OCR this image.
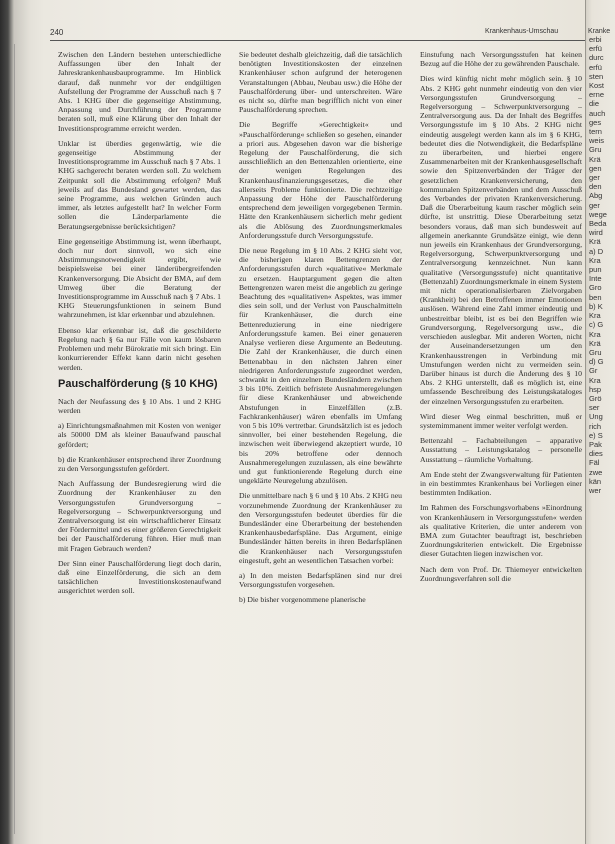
240	Krankenhaus-Umschau

Zwischen den Ländern bestehen unterschiedliche Auffassungen über den Inhalt der Jahreskrankenhausbauprogramme. Im Hinblick darauf, daß nunmehr vor der endgültigen Aufstellung der Programme der Ausschuß nach § 7 Abs. 1 KHG über die gegenseitige Abstimmung, Anpassung und Durchführung der Programme beraten soll, muß eine Klärung über den Inhalt der Investitionsprogramme erreicht werden.

Unklar ist überdies gegenwärtig, wie die gegenseitige Abstimmung der Investitionsprogramme im Ausschuß nach § 7 Abs. 1 KHG sachgerecht beraten werden soll. Zu welchem Zeitpunkt soll die Abstimmung erfolgen? Muß jeweils auf das Bundesland gewartet werden, das seine Programme, aus welchen Gründen auch immer, als letztes aufgestellt hat? In welcher Form sollen die Länderparlamente die Beratungsergebnisse berücksichtigen?

Eine gegenseitige Abstimmung ist, wenn überhaupt, doch nur dort sinnvoll, wo sich eine Abstimmungsnotwendigkeit ergibt, wie beispielsweise bei einer länderübergreifenden Krankenversorgung. Die Absicht der BMA, auf dem Umweg über die Beratung der Investitionsprogramme im Ausschuß nach § 7 Abs. 1 KHG Steuerungsfunktionen in seinem Bund wahrzunehmen, ist klar erkennbar und abzulehnen.

Ebenso klar erkennbar ist, daß die geschilderte Regelung nach § 6a nur Fälle von kaum lösbaren Problemen und mehr Bürokratie mit sich bringt. Ein konkurrierender Effekt kann darin nicht gesehen werden.

Pauschalförderung (§ 10 KHG)

Nach der Neufassung des § 10 Abs. 1 und 2 KHG werden

a) Einrichtungsmaßnahmen mit Kosten von weniger als 50000 DM als kleiner Bauaufwand pauschal gefördert;

b) die Krankenhäuser entsprechend ihrer Zuordnung zu den Versorgungsstufen gefördert.

Nach Auffassung der Bundesregierung wird die Zuordnung der Krankenhäuser zu den Versorgungsstufen Grundversorgung – Regelversorgung – Schwerpunktversorgung und Zentralversorgung ist ein wirtschaftlicherer Einsatz der Fördermittel und es einer größeren Gerechtigkeit bei der Pauschalförderung führen. Hier muß man mit Fragen Gebrauch werden?

Der Sinn einer Pauschalförderung liegt doch darin, daß eine Einzelförderung, die sich an dem tatsächlichen Investitionskostenaufwand ausgerichtet werden soll.

Sie bedeutet deshalb gleichzeitig, daß die tatsächlich benötigten Investitionskosten der einzelnen Krankenhäuser schon aufgrund der heterogenen Veranstaltungen (Abbau, Neubau usw.) die Höhe der Pauschalförderung über- und unterschreiten. Wäre es nicht so, dürfte man begrifflich nicht von einer Pauschalförderung sprechen.

Die Begriffe »Gerechtigkeit« und »Pauschalförderung« schließen so gesehen, einander a priori aus. Abgesehen davon war die bisherige Regelung der Pauschalförderung, die sich ausschließlich an den Bettenzahlen orientierte, eine der wenigen Regelungen des Krankenhausfinanzierungsgesetzes, die eher allerseits Probleme funktionierte. Die rechtzeitige Anpassung der Höhe der Pauschalförderung entsprechend dem jeweiligen vorgegebenen Termin. Hätte den Krankenhäusern sicherlich mehr gedient als die Ablösung des Zuordnungsmerkmales Anforderungsstufe durch Versorgungsstufe.

Die neue Regelung im § 10 Abs. 2 KHG sieht vor, die bisherigen klaren Bettengrenzen der Anforderungsstufen durch »qualitative« Merkmale zu ersetzen. Hauptargument gegen die alten Bettengrenzen waren meist die angeblich zu geringe Beachtung des »qualitativen« Aspektes, was immer dies sein soll, und der Verlust von Pauschalmitteln für Krankenhäuser, die durch eine Bettenreduzierung in eine niedrigere Anforderungsstufe kamen. Bei einer genaueren Analyse verlieren diese Argumente an Bedeutung. Die Zahl der Krankenhäuser, die durch einen Bettenabbau in den nächsten Jahren einer niedrigeren Anforderungsstufe zugeordnet werden, schwankt in den einzelnen Bundesländern zwischen 3 bis 10%. Zeitlich befristete Ausnahmeregelungen für diese Krankenhäuser und abweichende Abstufungen in Einzelfällen (z.B. Fachkrankenhäuser) wären ebenfalls im Umfang von 5 bis 10% vertretbar. Grundsätzlich ist es jedoch sinnvoller, bei einer bestehenden Regelung, die inzwischen weit überwiegend akzeptiert wurde, 10 bis 20% betroffene oder dennoch Ausnahmeregelungen zuzulassen, als eine bewährte und gut funktionierende Regelung durch eine ungeklärte Neuregelung abzulösen.

Die unmittelbare nach § 6 und § 10 Abs. 2 KHG neu vorzunehmende Zuordnung der Krankenhäuser zu den Versorgungsstufen bedeutet überdies für die Bundesländer eine Überarbeitung der bestehenden Krankenhausbedarfspläne. Das Argument, einige Bundesländer hätten bereits in ihren Bedarfsplänen die Krankenhäuser nach Versorgungsstufen eingestuft, geht an wesentlichen Tatsachen vorbei:

a) In den meisten Bedarfsplänen sind nur drei Versorgungsstufen vorgesehen.

b) Die bisher vorgenommene planerische

Einstufung nach Versorgungsstufen hat keinen Bezug auf die Höhe der zu gewährenden Pauschale.

Dies wird künftig nicht mehr möglich sein. § 10 Abs. 2 KHG geht nunmehr eindeutig von den vier Versorgungsstufen Grundversorgung – Regelversorgung – Schwerpunktversorgung – Zentralversorgung aus. Da der Inhalt des Begriffes Versorgungsstufe im § 10 Abs. 2 KHG nicht eindeutig ausgelegt werden kann als im § 6 KHG, bedeutet dies die Notwendigkeit, die Bedarfspläne zu überarbeiten, und hierbei engere Zusammenarbeiten mit der Krankenhausgesellschaft sowie den Spitzenverbänden der Träger der gesetzlichen Krankenversicherung, den kommunalen Spitzenverbänden und dem Ausschuß des Verbandes der privaten Krankenversicherung. Daß die Überarbeitung kaum rascher möglich sein dürfte, ist unstrittig. Diese Überarbeitung setzt besonders voraus, daß man sich bundesweit auf allgemein anerkannte Grundsätze einigt, wie denn nun jeweils ein Krankenhaus der Grundversorgung, Regelversorgung, Schwerpunktversorgung und Zentralversorgung kennzeichnet. Nun kann qualitative (Versorgungsstufe) nicht quantitative (Bettenzahl) Zuordnungsmerkmale in einem System mit nicht operationalisierbaren Zielvorgaben (Krankheit) bei den Betroffenen immer Emotionen auslösen. Während eine Zahl immer eindeutig und unbestreitbar bleibt, ist es bei den Begriffen wie Grundversorgung, Regelversorgung usw., die verschieden auslegbar. Mit anderen Worten, nicht der Auseinandersetzungen um den Krankenhausstrengen in Verbindung mit Umstufungen werden nicht zu vermeiden sein. Darüber hinaus ist durch die Änderung des § 10 Abs. 2 KHG unterstellt, daß es möglich ist, eine umfassende Beschreibung des Leistungskataloges der einzelnen Versorgungsstufen zu erarbeiten.

Wird dieser Weg einmal beschritten, muß er systemimmanent immer weiter verfolgt werden.

Bettenzahl – Fachabteilungen – apparative Ausstattung – Leistungskatalog – personelle Ausstattung – räumliche Vorhaltung.

Am Ende steht der Zwangsverwaltung für Patienten in ein bestimmtes Krankenhaus bei Vorliegen einer bestimmten Indikation.

Im Rahmen des Forschungsvorhabens »Einordnung von Krankenhäusern in Versorgungsstufen« werden als qualitative Kriterien, die unter anderem von BMA zum Gutachter beauftragt ist, beschrieben Zuordnungskriterien entwickelt. Die Ergebnisse dieser Gutachten liegen inzwischen vor.

Nach dem von Prof. Dr. Thiemeyer entwickelten Zuordnungsverfahren soll die

Kranke
erbi
erfü
durc
erfü
sten
Kost
erne
die
auch
ges
tern
weis
Gru
Krä
gen
ger
den
Abg
ger
wege
Beda
wird
Krä
a) D
Kra
pun
Inte
Gro
ben
b) K
Kra
c) G
Kra
Krä
Gru
d) G
Gr
Kra
hsp
Grö
ser
Ung
rich
e) S
Pak
dies
Fäl
zwe
kän
wer
